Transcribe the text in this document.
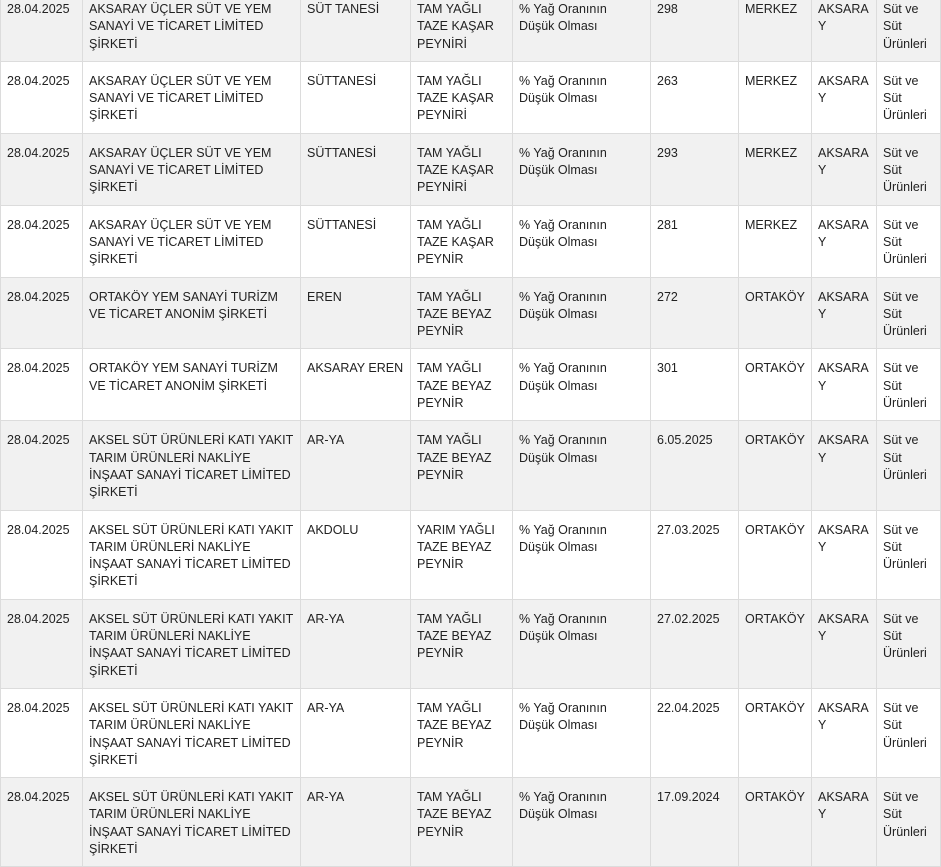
28.04.2025	AKSARAY ÜÇLER SÜT VE YEM SANAYİ VE TİCARET LİMİTED ŞİRKETİ	SÜT TANESİ	TAM YAĞLI TAZE KAŞAR PEYNİRİ	% Yağ Oranının Düşük Olması	298	MERKEZ	AKSARAY	Süt ve Süt Ürünleri
28.04.2025	AKSARAY ÜÇLER SÜT VE YEM SANAYİ VE TİCARET LİMİTED ŞİRKETİ	SÜTTANESİ	TAM YAĞLI TAZE KAŞAR PEYNİRİ	% Yağ Oranının Düşük Olması	263	MERKEZ	AKSARAY	Süt ve Süt Ürünleri
28.04.2025	AKSARAY ÜÇLER SÜT VE YEM SANAYİ VE TİCARET LİMİTED ŞİRKETİ	SÜTTANESİ	TAM YAĞLI TAZE KAŞAR PEYNİRİ	% Yağ Oranının Düşük Olması	293	MERKEZ	AKSARAY	Süt ve Süt Ürünleri
28.04.2025	AKSARAY ÜÇLER SÜT VE YEM SANAYİ VE TİCARET LİMİTED ŞİRKETİ	SÜTTANESİ	TAM YAĞLI TAZE KAŞAR PEYNİR	% Yağ Oranının Düşük Olması	281	MERKEZ	AKSARAY	Süt ve Süt Ürünleri
28.04.2025	ORTAKÖY YEM SANAYİ TURİZM VE TİCARET ANONİM ŞİRKETİ	EREN	TAM YAĞLI TAZE BEYAZ PEYNİR	% Yağ Oranının Düşük Olması	272	ORTAKÖY	AKSARAY	Süt ve Süt Ürünleri
28.04.2025	ORTAKÖY YEM SANAYİ TURİZM VE TİCARET ANONİM ŞİRKETİ	AKSARAY EREN	TAM YAĞLI TAZE BEYAZ PEYNİR	% Yağ Oranının Düşük Olması	301	ORTAKÖY	AKSARAY	Süt ve Süt Ürünleri
28.04.2025	AKSEL SÜT ÜRÜNLERİ KATI YAKIT TARIM ÜRÜNLERİ NAKLİYE İNŞAAT SANAYİ TİCARET LİMİTED ŞİRKETİ	AR-YA	TAM YAĞLI TAZE BEYAZ PEYNİR	% Yağ Oranının Düşük Olması	6.05.2025	ORTAKÖY	AKSARAY	Süt ve Süt Ürünleri
28.04.2025	AKSEL SÜT ÜRÜNLERİ KATI YAKIT TARIM ÜRÜNLERİ NAKLİYE İNŞAAT SANAYİ TİCARET LİMİTED ŞİRKETİ	AKDOLU	YARIM YAĞLI TAZE BEYAZ PEYNİR	% Yağ Oranının Düşük Olması	27.03.2025	ORTAKÖY	AKSARAY	Süt ve Süt Ürünleri
28.04.2025	AKSEL SÜT ÜRÜNLERİ KATI YAKIT TARIM ÜRÜNLERİ NAKLİYE İNŞAAT SANAYİ TİCARET LİMİTED ŞİRKETİ	AR-YA	TAM YAĞLI TAZE BEYAZ PEYNİR	% Yağ Oranının Düşük Olması	27.02.2025	ORTAKÖY	AKSARAY	Süt ve Süt Ürünleri
28.04.2025	AKSEL SÜT ÜRÜNLERİ KATI YAKIT TARIM ÜRÜNLERİ NAKLİYE İNŞAAT SANAYİ TİCARET LİMİTED ŞİRKETİ	AR-YA	TAM YAĞLI TAZE BEYAZ PEYNİR	% Yağ Oranının Düşük Olması	22.04.2025	ORTAKÖY	AKSARAY	Süt ve Süt Ürünleri
28.04.2025	AKSEL SÜT ÜRÜNLERİ KATI YAKIT TARIM ÜRÜNLERİ NAKLİYE İNŞAAT SANAYİ TİCARET LİMİTED ŞİRKETİ	AR-YA	TAM YAĞLI TAZE BEYAZ PEYNİR	% Yağ Oranının Düşük Olması	17.09.2024	ORTAKÖY	AKSARAY	Süt ve Süt Ürünleri
